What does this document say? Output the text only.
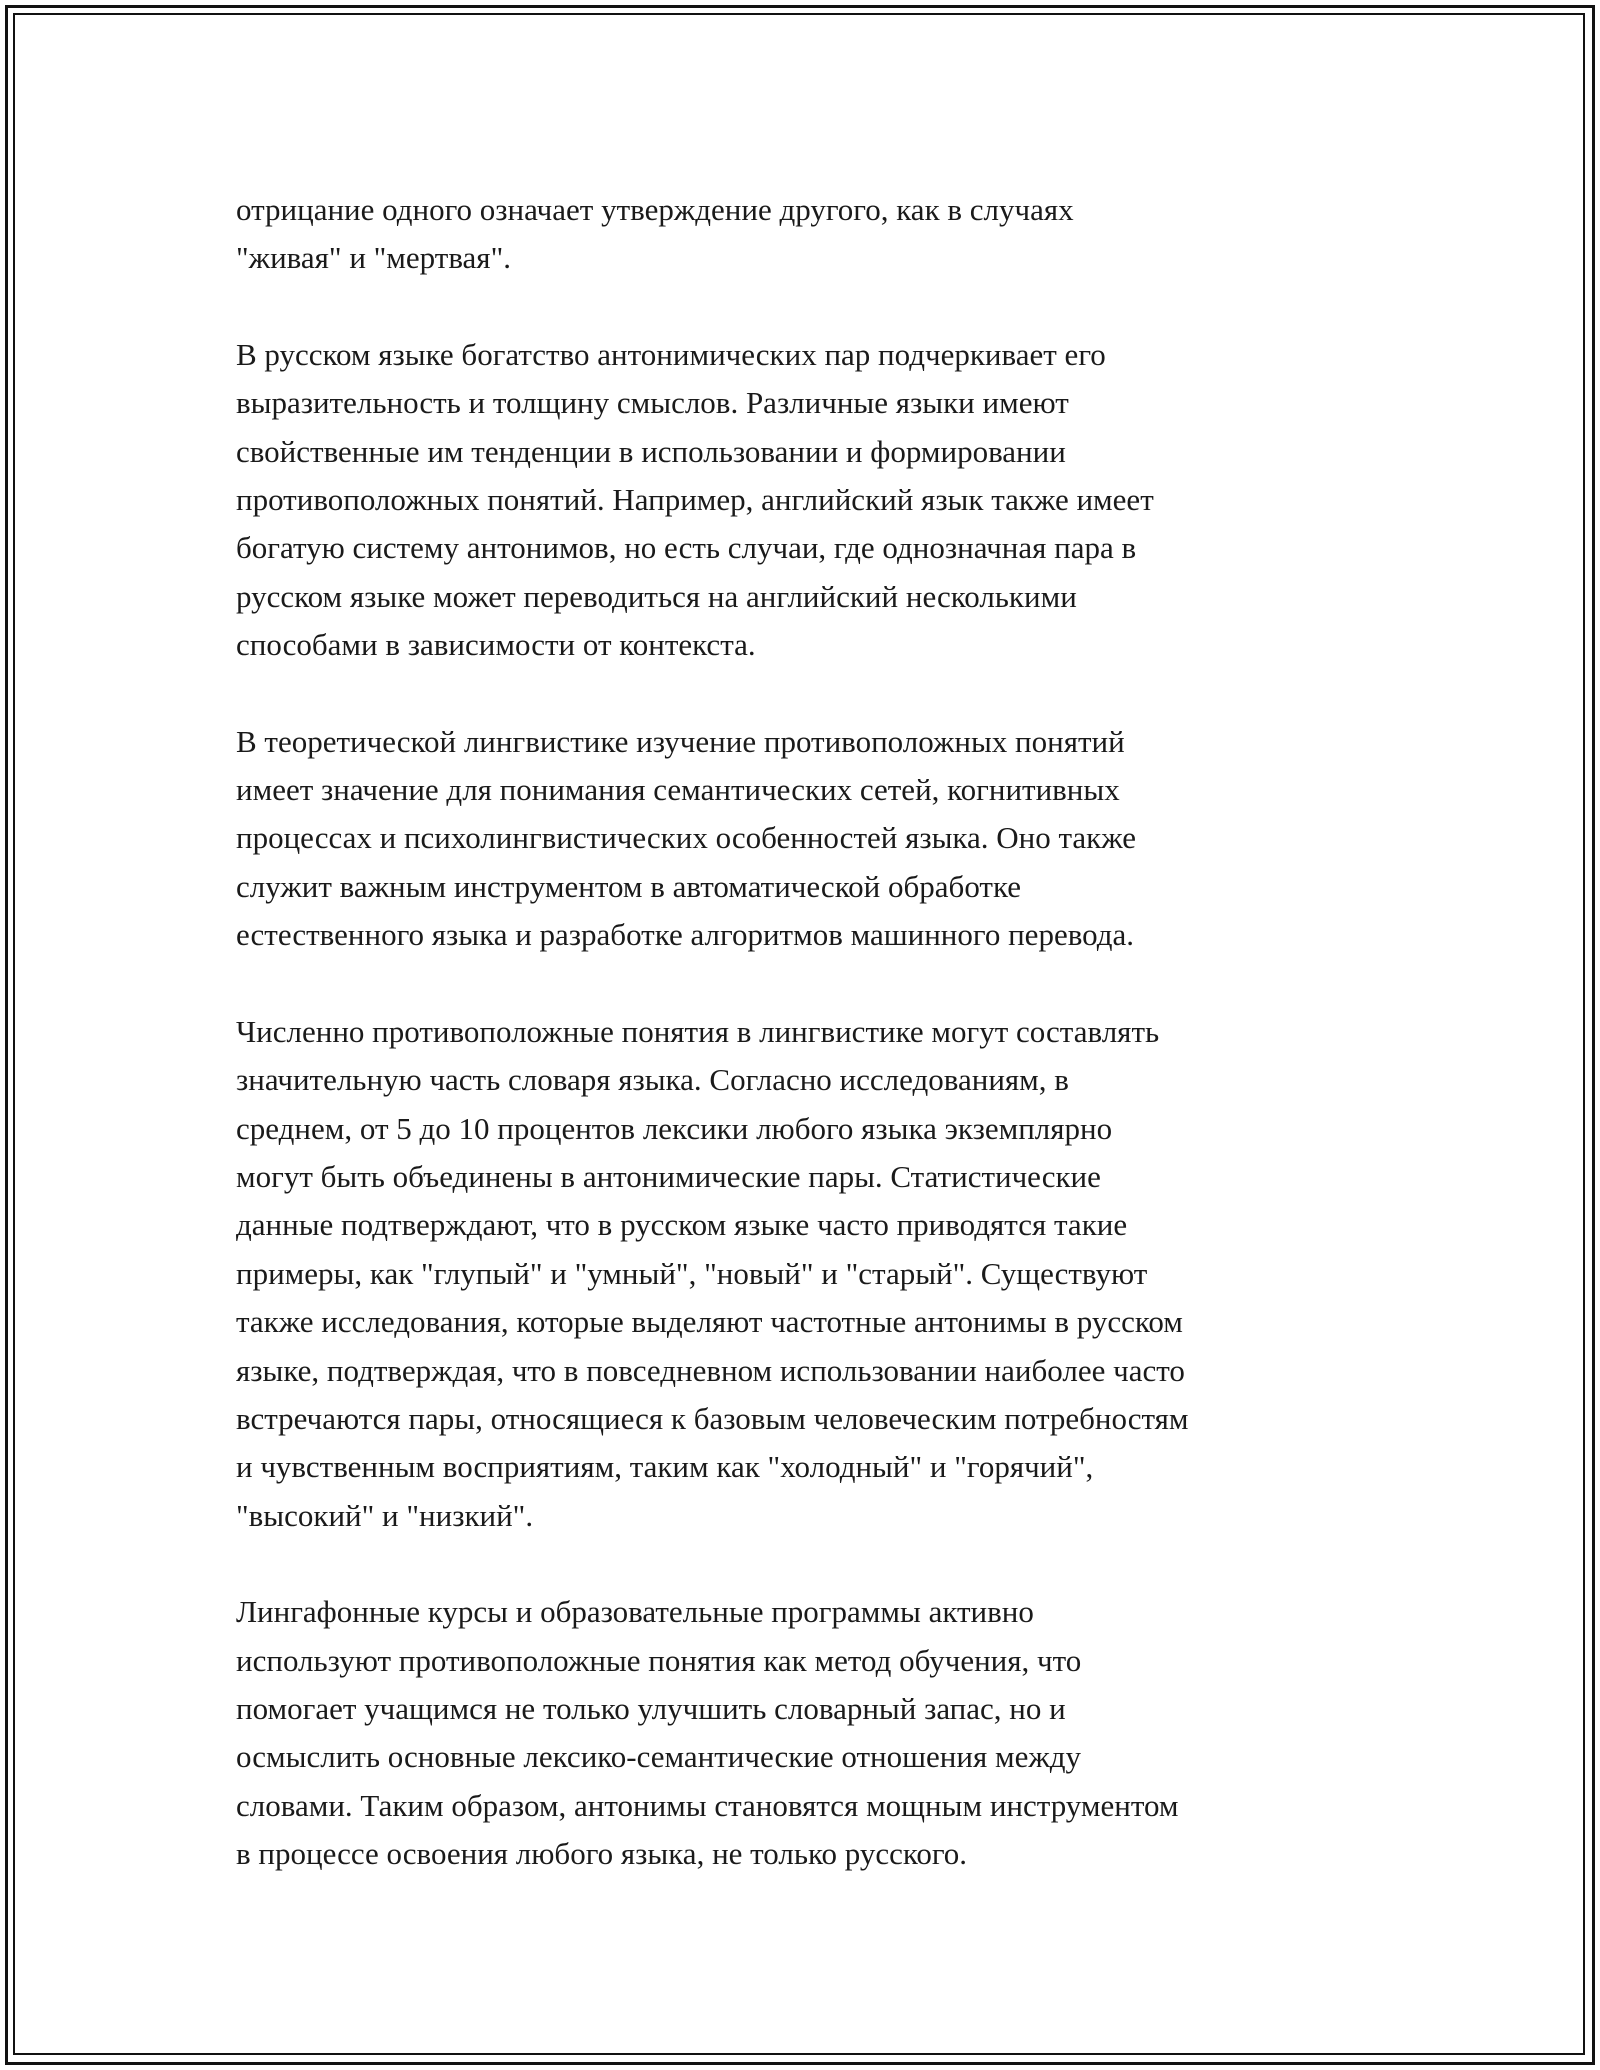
отрицание одного означает утверждение другого, как в случаях
"живая" и "мертвая".

В русском языке богатство антонимических пар подчеркивает его
выразительность и толщину смыслов. Различные языки имеют
свойственные им тенденции в использовании и формировании
противоположных понятий. Например, английский язык также имеет
богатую систему антонимов, но есть случаи, где однозначная пара в
русском языке может переводиться на английский несколькими
способами в зависимости от контекста.

В теоретической лингвистике изучение противоположных понятий
имеет значение для понимания семантических сетей, когнитивных
процессах и психолингвистических особенностей языка. Оно также
служит важным инструментом в автоматической обработке
естественного языка и разработке алгоритмов машинного перевода.

Численно противоположные понятия в лингвистике могут составлять
значительную часть словаря языка. Согласно исследованиям, в
среднем, от 5 до 10 процентов лексики любого языка экземплярно
могут быть объединены в антонимические пары. Статистические
данные подтверждают, что в русском языке часто приводятся такие
примеры, как "глупый" и "умный", "новый" и "старый". Существуют
также исследования, которые выделяют частотные антонимы в русском
языке, подтверждая, что в повседневном использовании наиболее часто
встречаются пары, относящиеся к базовым человеческим потребностям
и чувственным восприятиям, таким как "холодный" и "горячий",
"высокий" и "низкий".

Лингафонные курсы и образовательные программы активно
используют противоположные понятия как метод обучения, что
помогает учащимся не только улучшить словарный запас, но и
осмыслить основные лексико-семантические отношения между
словами. Таким образом, антонимы становятся мощным инструментом
в процессе освоения любого языка, не только русского.
